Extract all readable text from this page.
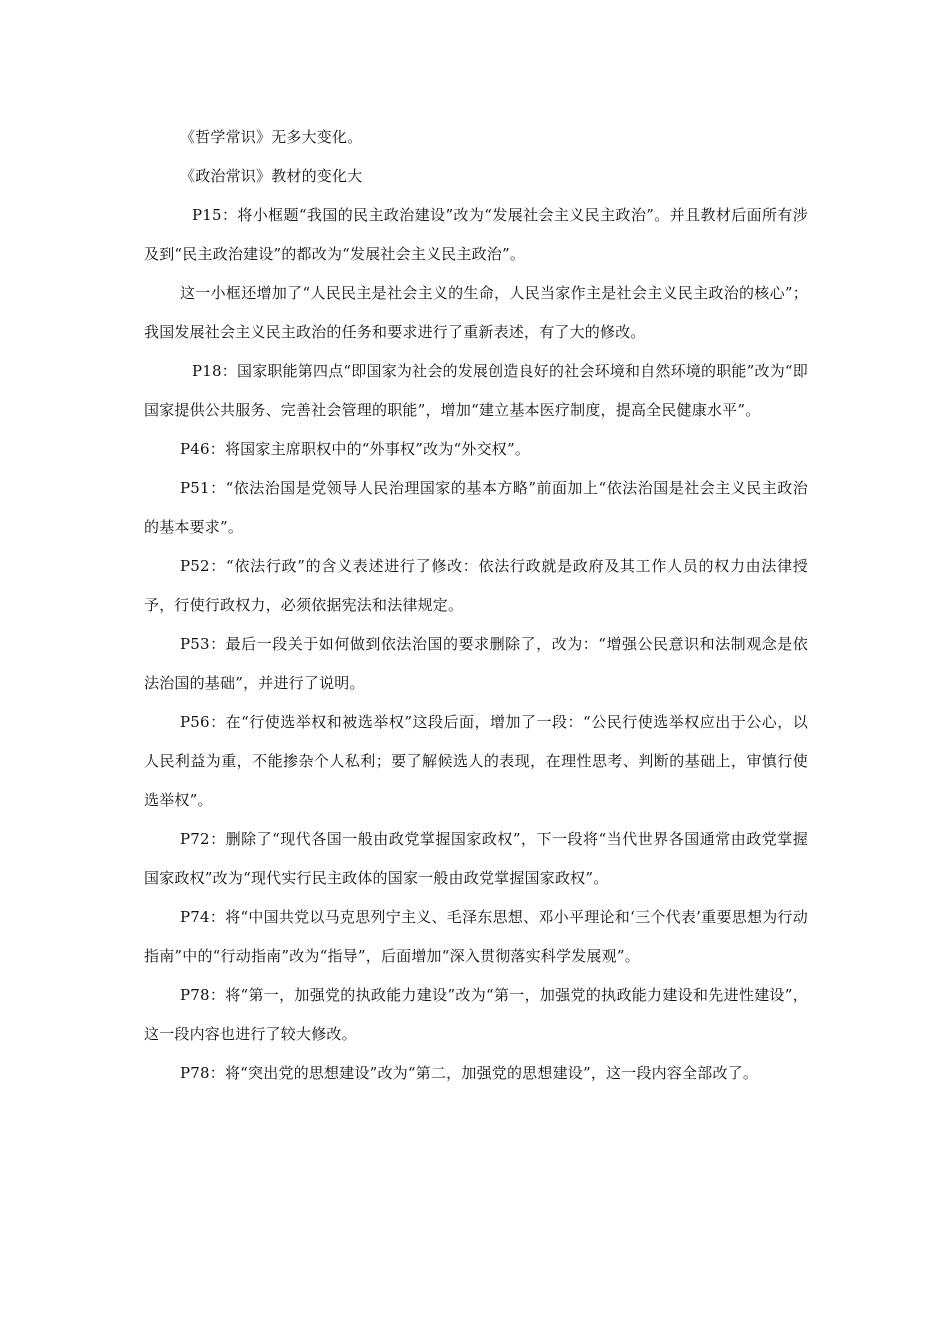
《哲学常识》无多大变化。

《政治常识》教材的变化大

P15：将小框题“我国的民主政治建设”改为“发展社会主义民主政治”。并且教材后面所有涉及到“民主政治建设”的都改为“发展社会主义民主政治”。

这一小框还增加了“人民民主是社会主义的生命，人民当家作主是社会主义民主政治的核心”；我国发展社会主义民主政治的任务和要求进行了重新表述，有了大的修改。

P18：国家职能第四点“即国家为社会的发展创造良好的社会环境和自然环境的职能”改为“即国家提供公共服务、完善社会管理的职能”，增加“建立基本医疗制度，提高全民健康水平”。

P46：将国家主席职权中的“外事权”改为“外交权”。

P51：“依法治国是党领导人民治理国家的基本方略”前面加上“依法治国是社会主义民主政治的基本要求”。

P52：“依法行政”的含义表述进行了修改：依法行政就是政府及其工作人员的权力由法律授予，行使行政权力，必须依据宪法和法律规定。

P53：最后一段关于如何做到依法治国的要求删除了，改为：“增强公民意识和法制观念是依法治国的基础”，并进行了说明。

P56：在“行使选举权和被选举权”这段后面，增加了一段：“公民行使选举权应出于公心，以人民利益为重，不能掺杂个人私利；要了解候选人的表现，在理性思考、判断的基础上，审慎行使选举权”。

P72：删除了“现代各国一般由政党掌握国家政权”，下一段将“当代世界各国通常由政党掌握国家政权”改为“现代实行民主政体的国家一般由政党掌握国家政权”。

P74：将“中国共党以马克思列宁主义、毛泽东思想、邓小平理论和‘三个代表’重要思想为行动指南”中的“行动指南”改为“指导”，后面增加“深入贯彻落实科学发展观”。

P78：将“第一，加强党的执政能力建设”改为“第一，加强党的执政能力建设和先进性建设”，这一段内容也进行了较大修改。

P78：将“突出党的思想建设”改为“第二，加强党的思想建设”，这一段内容全部改了。
